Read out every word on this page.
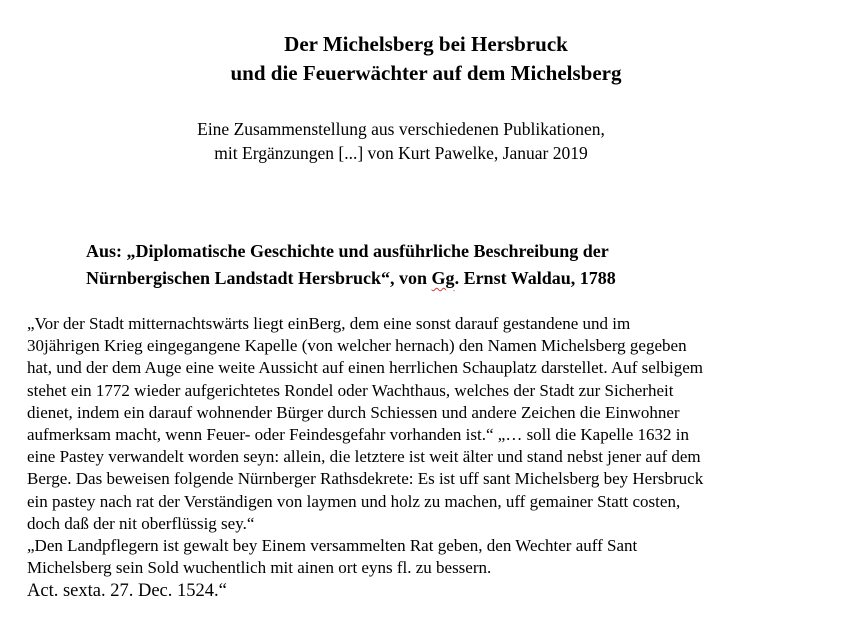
Der Michelsberg bei Hersbruck
und die Feuerwächter auf dem Michelsberg
Eine Zusammenstellung aus verschiedenen Publikationen,
mit Ergänzungen [...] von Kurt Pawelke, Januar 2019
Aus: „Diplomatische Geschichte und ausführliche Beschreibung der
Nürnbergischen Landstadt Hersbruck“, von Gg. Ernst Waldau, 1788

„Vor der Stadt mitternachtswärts liegt einBerg, dem eine sonst darauf gestandene und im

30jährigen Krieg eingegangene Kapelle (von welcher hernach) den Namen Michelsberg gegeben

hat, und der dem Auge eine weite Aussicht auf einen herrlichen Schauplatz darstellet. Auf selbigem

stehet ein 1772 wieder aufgerichtetes Rondel oder Wachthaus, welches der Stadt zur Sicherheit

dienet, indem ein darauf wohnender Bürger durch Schiessen und andere Zeichen die Einwohner

aufmerksam macht, wenn Feuer- oder Feindesgefahr vorhanden ist.“ „… soll die Kapelle 1632 in

eine Pastey verwandelt worden seyn: allein, die letztere ist weit älter und stand nebst jener auf dem

Berge. Das beweisen folgende Nürnberger Rathsdekrete: Es ist uff sant Michelsberg bey Hersbruck

ein pastey nach rat der Verständigen von laymen und holz zu machen, uff gemainer Statt costen,

doch daß der nit oberflüssig sey.“

„Den Landpflegern ist gewalt bey Einem versammelten Rat geben, den Wechter auff Sant

Michelsberg sein Sold wuchentlich mit ainen ort eyns fl. zu bessern.

Act. sexta. 27. Dec. 1524.“
